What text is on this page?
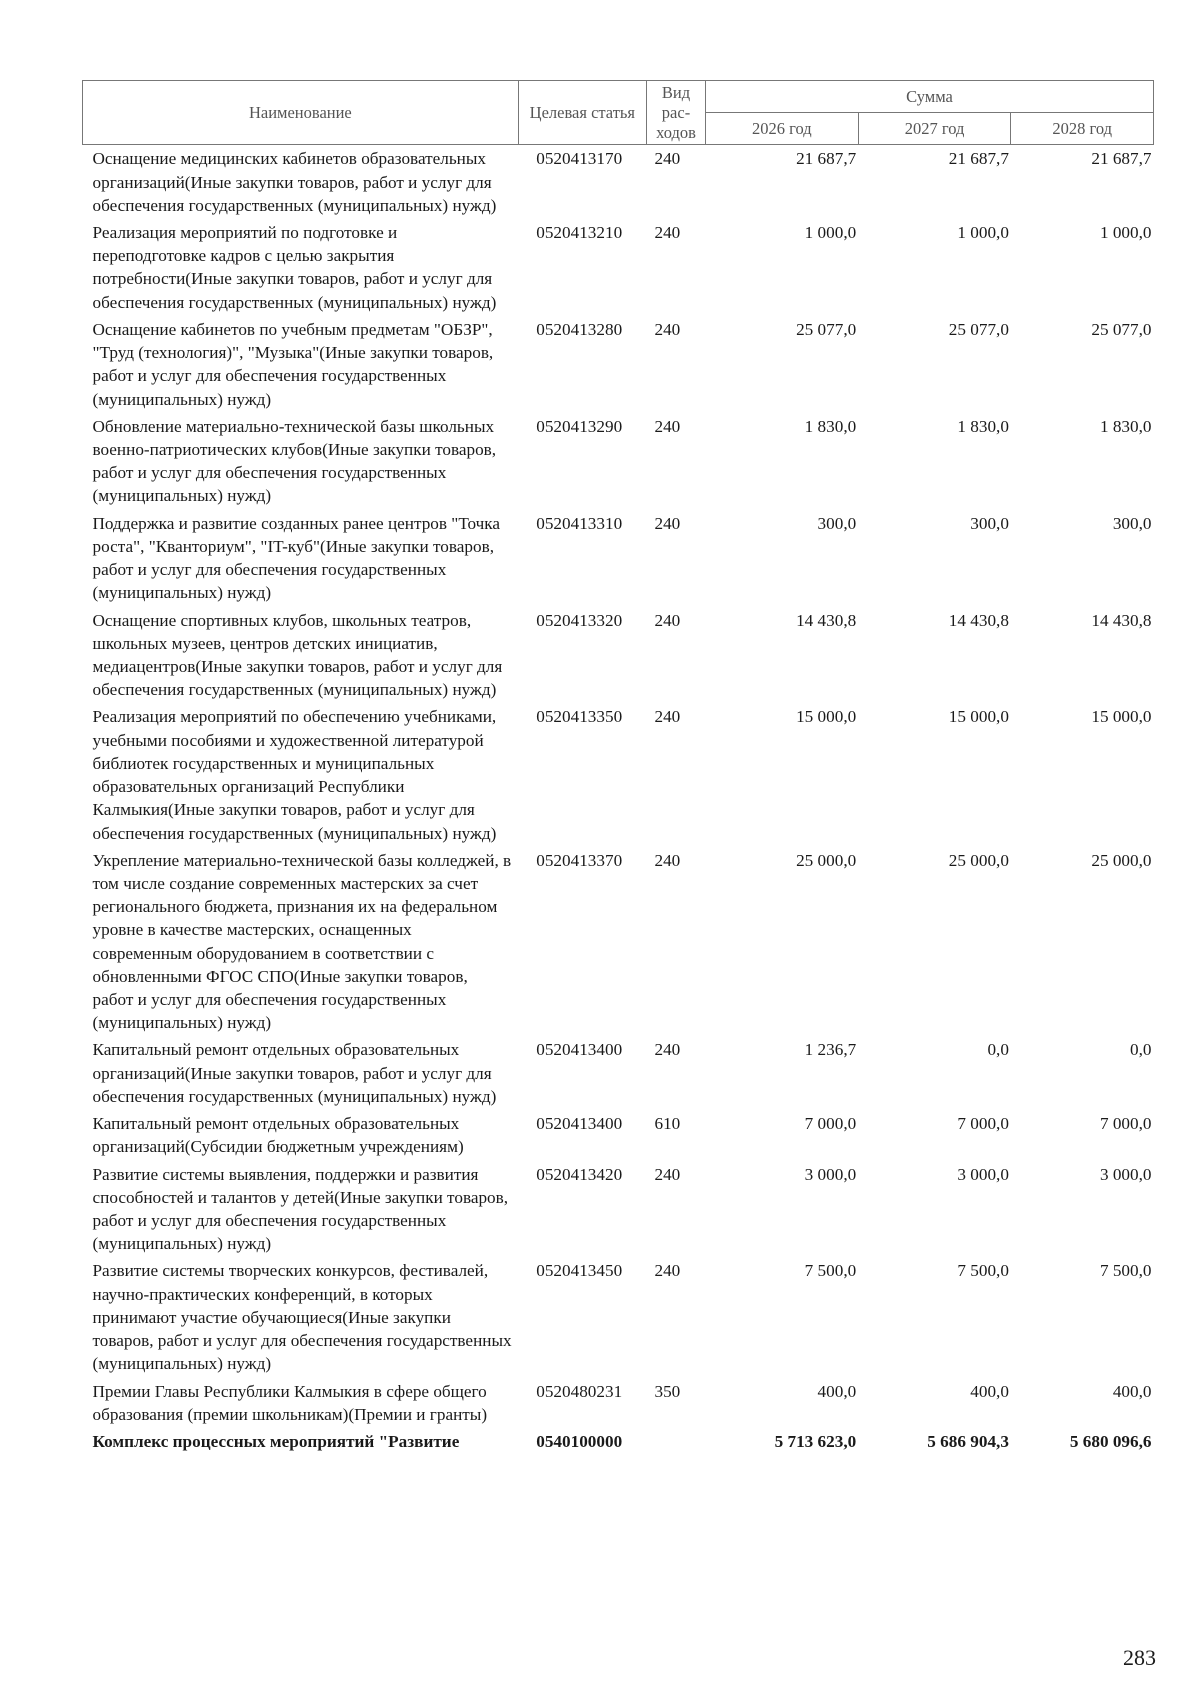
Наименование	Целевая статья	Вид рас-ходов	Сумма		
			2026 год	2027 год	2028 год
Оснащение медицинских кабинетов образовательных организаций(Иные закупки товаров, работ и услуг для обеспечения государственных (муниципальных) нужд)	0520413170	240	21 687,7	21 687,7	21 687,7
Реализация мероприятий по подготовке и переподготовке кадров с целью закрытия потребности(Иные закупки товаров, работ и услуг для обеспечения государственных (муниципальных) нужд)	0520413210	240	1 000,0	1 000,0	1 000,0
Оснащение кабинетов по учебным предметам "ОБЗР", "Труд (технология)", "Музыка"(Иные закупки товаров, работ и услуг для обеспечения государственных (муниципальных) нужд)	0520413280	240	25 077,0	25 077,0	25 077,0
Обновление материально-технической базы школьных военно-патриотических клубов(Иные закупки товаров, работ и услуг для обеспечения государственных (муниципальных) нужд)	0520413290	240	1 830,0	1 830,0	1 830,0
Поддержка и развитие созданных ранее центров "Точка роста", "Кванториум", "IT-куб"(Иные закупки товаров, работ и услуг для обеспечения государственных (муниципальных) нужд)	0520413310	240	300,0	300,0	300,0
Оснащение спортивных клубов, школьных театров, школьных музеев, центров детских инициатив, медиацентров(Иные закупки товаров, работ и услуг для обеспечения государственных (муниципальных) нужд)	0520413320	240	14 430,8	14 430,8	14 430,8
Реализация мероприятий по обеспечению учебниками, учебными пособиями и художественной литературой библиотек государственных и муниципальных образовательных организаций Республики Калмыкия(Иные закупки товаров, работ и услуг для обеспечения государственных (муниципальных) нужд)	0520413350	240	15 000,0	15 000,0	15 000,0
Укрепление материально-технической базы колледжей, в том числе создание современных мастерских за счет регионального бюджета, признания их на федеральном уровне в качестве мастерских, оснащенных современным оборудованием в соответствии с обновленными ФГОС СПО(Иные закупки товаров, работ и услуг для обеспечения государственных (муниципальных) нужд)	0520413370	240	25 000,0	25 000,0	25 000,0
Капитальный ремонт отдельных образовательных организаций(Иные закупки товаров, работ и услуг для обеспечения государственных (муниципальных) нужд)	0520413400	240	1 236,7	0,0	0,0
Капитальный ремонт отдельных образовательных организаций(Субсидии бюджетным учреждениям)	0520413400	610	7 000,0	7 000,0	7 000,0
Развитие системы выявления, поддержки и развития способностей и талантов у детей(Иные закупки товаров, работ и услуг для обеспечения государственных (муниципальных) нужд)	0520413420	240	3 000,0	3 000,0	3 000,0
Развитие системы творческих конкурсов, фестивалей, научно-практических конференций, в которых принимают участие обучающиеся(Иные закупки товаров, работ и услуг для обеспечения государственных (муниципальных) нужд)	0520413450	240	7 500,0	7 500,0	7 500,0
Премии Главы Республики Калмыкия в сфере общего образования (премии школьникам)(Премии и гранты)	0520480231	350	400,0	400,0	400,0
Комплекс процессных мероприятий "Развитие	0540100000		5 713 623,0	5 686 904,3	5 680 096,6
283
